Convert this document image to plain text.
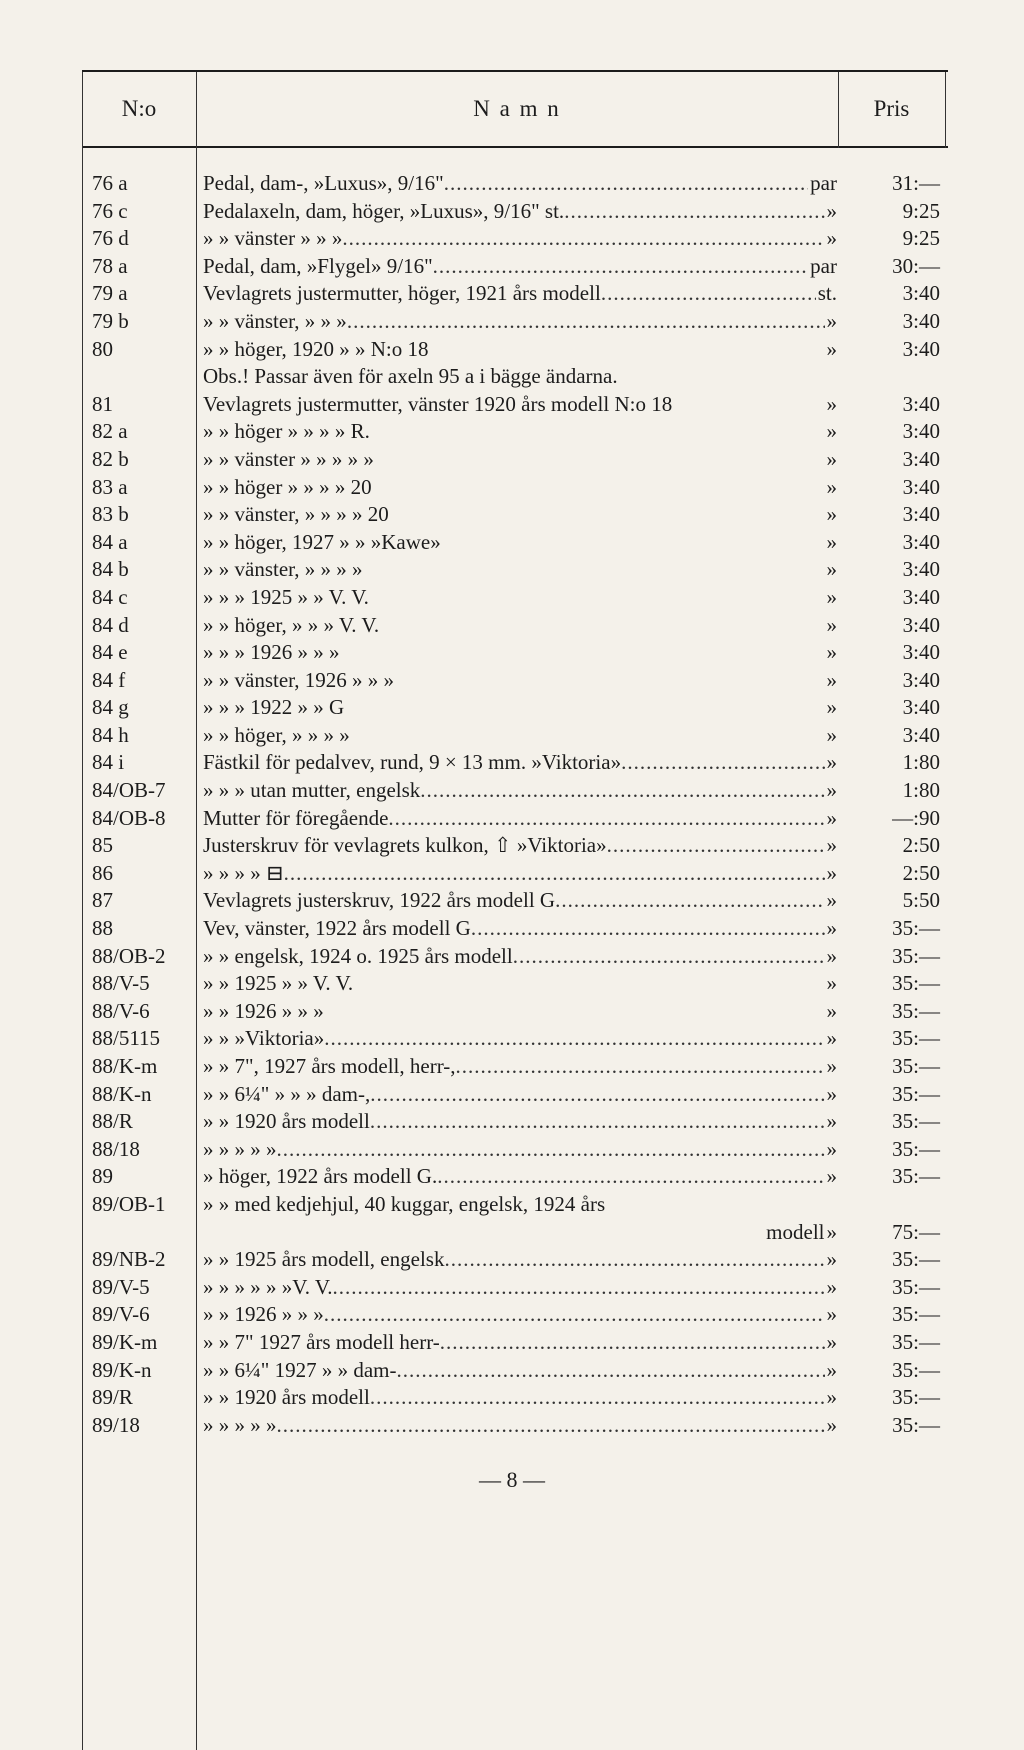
N:o	N a m n	Pris
76 a	Pedal, dam-, »Luxus», 9/16" .....	par	31:—
76 c	Pedalaxeln, dam, höger, »Luxus», 9/16" st. .....	»	9:25
76 d	» » vänster » » » .....	»	9:25
78 a	Pedal, dam, »Flygel» 9/16" .....	par	30:—
79 a	Vevlagrets justermutter, höger, 1921 års modell .....	st.	3:40
79 b	» » vänster, » » » .....	»	3:40
80	» » höger, 1920 » » N:o 18	»	3:40
Obs.! Passar även för axeln 95 a i bägge ändarna.
81	Vevlagrets justermutter, vänster 1920 års modell N:o 18	»	3:40
82 a	» » höger » » » » R.	»	3:40
82 b	» » vänster » » » » »	»	3:40
83 a	» » höger » » » » 20	»	3:40
83 b	» » vänster, » » » » 20	»	3:40
84 a	» » höger, 1927 » » »Kawe»	»	3:40
84 b	» » vänster, » » » »	»	3:40
84 c	» » » 1925 » » V. V.	»	3:40
84 d	» » höger, » » » V. V.	»	3:40
84 e	» » » 1926 » » »	»	3:40
84 f	» » vänster, 1926 » » »	»	3:40
84 g	» » » 1922 » » G	»	3:40
84 h	» » höger, » » » »	»	3:40
84 i	Fästkil för pedalvev, rund, 9 × 13 mm. »Viktoria» .....	»	1:80
84/OB-7 » » » utan mutter, engelsk .....	»	1:80
84/OB-8 Mutter för föregående .....	»	—:90
85	Justerskruv för vevlagrets kulkon, ⇧ »Viktoria» .....	»	2:50
86	» » » » ⊟ .....	»	2:50
87	Vevlagrets justerskruv, 1922 års modell G .....	»	5:50
88	Vev, vänster, 1922 års modell G .....	»	35:—
88/OB-2 » » engelsk, 1924 o. 1925 års modell .....	»	35:—
88/V-5	» » 1925 » » V. V.	»	35:—
88/V-6	» » 1926 » » »	»	35:—
88/5115 » » »Viktoria» .....	»	35:—
88/K-m » » 7", 1927 års modell, herr-, .....	»	35:—
88/K-n » » 6¼" » » » dam-, .....	»	35:—
88/R	» » 1920 års modell .....	»	35:—
88/18	» » » » » .....	»	35:—
89	» höger, 1922 års modell G. .....	»	35:—
89/OB-1 » » med kedjehjul, 40 kuggar, engelsk, 1924 års
modell »	75:—
89/NB-2 » » 1925 års modell, engelsk .....	»	35:—
89/V-5	» » » » » »V. V. .....	»	35:—
89/V-6	» » 1926 » » » .....	»	35:—
89/K-m » » 7" 1927 års modell herr- .....	»	35:—
89/K-n » » 6¼" 1927 » » dam- .....	»	35:—
89/R	» » 1920 års modell .....	»	35:—
89/18	» » » » » .....	»	35:—
— 8 —
